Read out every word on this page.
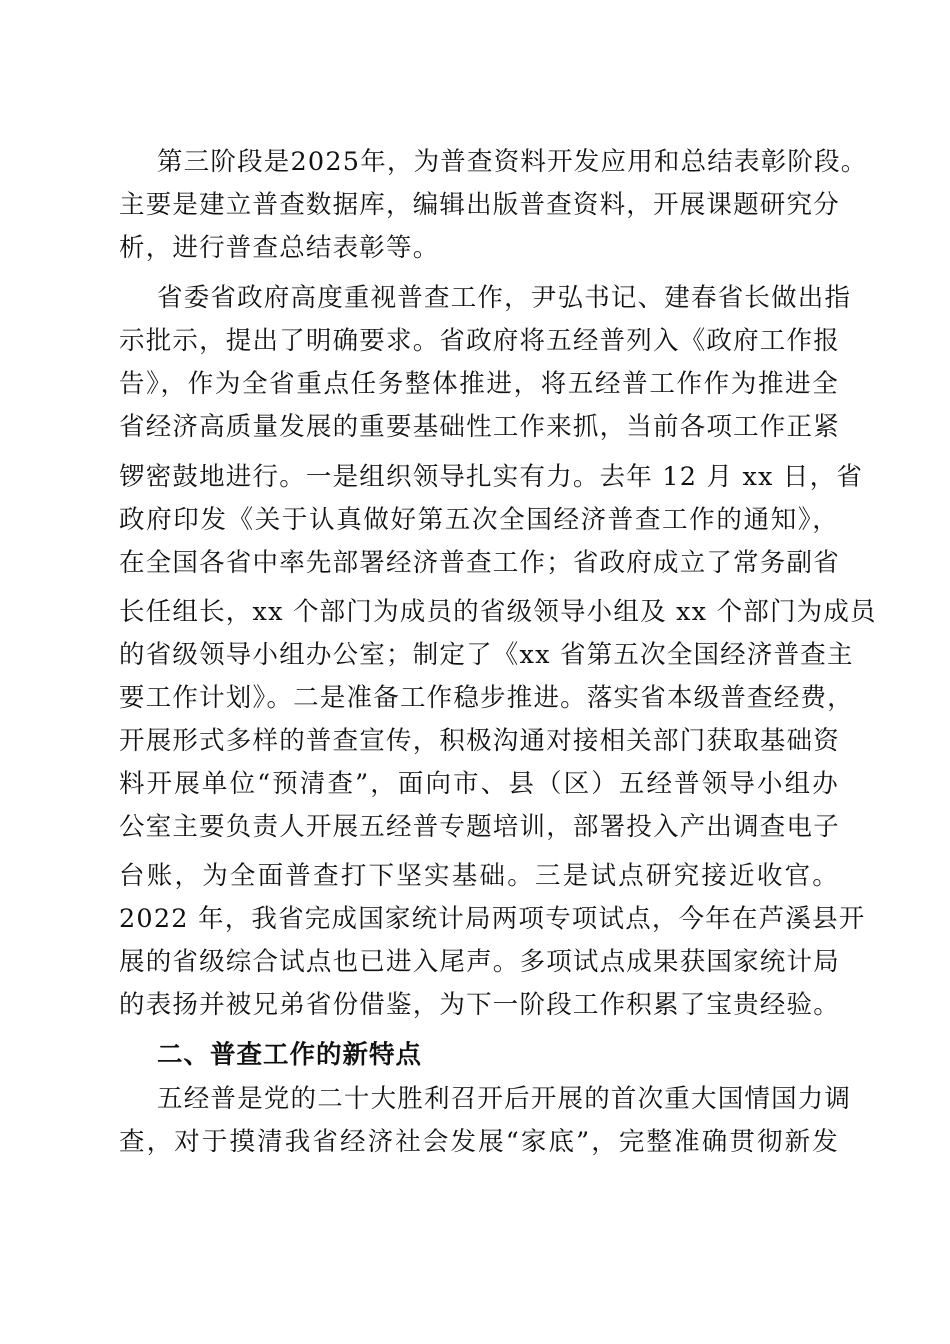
第三阶段是2025年，为普查资料开发应用和总结表彰阶段。
主要是建立普查数据库，编辑出版普查资料，开展课题研究分
析，进行普查总结表彰等。
省委省政府高度重视普查工作，尹弘书记、建春省长做出指
示批示，提出了明确要求。省政府将五经普列入《政府工作报
告》，作为全省重点任务整体推进，将五经普工作作为推进全
省经济高质量发展的重要基础性工作来抓，当前各项工作正紧
锣密鼓地进行。一是组织领导扎实有力。去年 12 月 xx 日，省
政府印发《关于认真做好第五次全国经济普查工作的通知》，
在全国各省中率先部署经济普查工作；省政府成立了常务副省
长任组长，xx 个部门为成员的省级领导小组及 xx 个部门为成员
的省级领导小组办公室；制定了《xx 省第五次全国经济普查主
要工作计划》。二是准备工作稳步推进。落实省本级普查经费，
开展形式多样的普查宣传，积极沟通对接相关部门获取基础资
料开展单位“预清查”，面向市、县（区）五经普领导小组办
公室主要负责人开展五经普专题培训，部署投入产出调查电子
台账，为全面普查打下坚实基础。三是试点研究接近收官。
2022 年，我省完成国家统计局两项专项试点，今年在芦溪县开
展的省级综合试点也已进入尾声。多项试点成果获国家统计局
的表扬并被兄弟省份借鉴，为下一阶段工作积累了宝贵经验。
二、普查工作的新特点
五经普是党的二十大胜利召开后开展的首次重大国情国力调
查，对于摸清我省经济社会发展“家底”，完整准确贯彻新发
